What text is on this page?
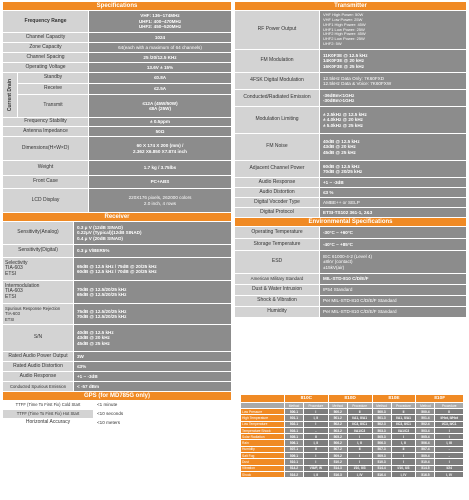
Specifications
Frequency Range
VHF: 136~174MHz
UHF1: 400~470MHz
UHF2: 450~520MHz
Channel Capacity	1024
Zone Capacity	64(each with a maximum of 64 channels)
Channel Spacing	25 /20/12.5 KHz
Operating Voltage	13.6V ± 15%
Current Drain
Standby	≤0.8A
Receive	≤2.5A
Transmit	≤12A (45W/50W)
≤8A (25W)
Frequency Stability	± 0.5ppm
Antenna Impedance	50Ω
Dimensions(H×W×D)	60 X 174 X 200 (mm) /
2.362 X6.850 X7.874 inch
Weight	1.7 kg / 3.75lbs
Front Case	PC+ABS
LCD Display	220X176 pixels, 262000 colors
2.0 inch, 4 rows
Receiver
Sensitivity(Analog)
0.3 μ V (12dB SINAD)
0.22μV (Typical)(12dB SINAD)
0.4 μ V (20dB SINAD)
Sensitivity(Digital)	0.3 μ V/BER5%
Selectivity
TIA-603
ETSI
65dB @ 12.5 kHz / 75dB @ 20/25 kHz
60dB @ 12.5 kHz / 70dB @ 20/25 kHz
Intermodulation
TIA-603
ETSI
70dB @ 12.5/20/25 kHz
65dB @ 12.5/20/25 kHz
Spurious Response Rejection
TIA-603
ETSI
75dB @ 12.5/20/25 kHz
70dB @ 12.5/20/25 kHz
S/N
40dB @ 12.5 kHz
43dB @ 20 kHz
45dB @ 25 kHz
Rated Audio Power Output	3W
Rated Audio Distortion	≤3%
Audio Response	+1 ~ -3dB
Conducted Spurious Emission	< -57 dBm
GPS (for MD785G only)
TTFF (Time To First Fix) Cold Start	<1 minute
TTFF (Time To First Fix) Hot Start	<10 seconds
Horizontal Accuracy	<10 meters
Transmitter
RF Power Output
VHF High Power: 50W
VHF Low Power: 25W
UHF1 High Power: 45W
UHF1 Low Power: 25W
UHF2 High Power: 45W
UHF2 Low Power: 25W
UHF2: 5W
FM Modulation
11K0F3E @ 12.5 kHz
14K0F3E @ 20 kHz
16K0F3E @ 25 kHz
4FSK Digital Modulation	12.5kHz Data Only: 7K60FXD
12.5kHz Data & Voice: 7K60FXW
Conducted/Radiated Emission	-36dBm<1GHz
-30dBm>1GHz
Modulation Limiting
± 2.5kHz @ 12.5 kHz
± 4.0kHz @ 20 kHz
± 5.0kHz @ 25 kHz
FM Noise
40dB @ 12.5 kHz
43dB @ 20 kHz
45dB @ 25 kHz
Adjacent Channel Power	60dB @ 12.5 kHz
70dB @ 20/25 kHz
Audio Response	+1 ~ -3dB
Audio Distortion	≤3 %
Digital Vocoder Type	AMBE++ or SELP
Digital Protocol	ETSI-TS102 361-1, 2&3
Environmental Specifications
Operating Temperature	-30°C ~ +60°C
Storage Temperature	-40°C ~ +85°C
ESD
IEC 61000-4-2 (Level 4)
±8kV (contact)
±15kV(air)
American Military Standard	MIL-STD-810 C/D/E/F
Dust & Water Intrusion	IP54 Standard
Shock & Vibration	Per MIL-STD-810 C/D/E/F Standard
Humidity	Per MIL-STD-810 C/D/E/F Standard
	810C		810D		810E		810F	
	Method	Procedure	Method	Procedure	Method	Procedure	Method	Procedure
Low Pressure	500.1	I	500.2	II	500.3	II	500.4	II
High Temperature	501.1	I, II	501.2	I/A1, II/A1	501.3	I/A1, II/A1	501.4	I/Hot, II/Hot
Low Temperature	502.1	I	502.2	I/C3, II/C1	502.3	I/C3, II/C1	502.4	I/C3, II/C1
Temperature Shock	503.1	-	503.2	I/A1/C3	503.3	I/A1/C3	503.4	I
Solar Radiation	505.1	II	505.2	I	505.3	I	505.4	I
Rain	506.1	I, II	506.2	I, II	506.3	I, II	506.4	I, III
Humidity	507.1	II	507.2	II	507.3	II	507.4	-
Salt Fog	509.1	I	509.2	I	509.3	I	509.4	-
Dust	510.1	I	510.2	I	510.3	I	510.4	I
Vibration	514.2	VIII/F, W	514.3	I/10, II/3	514.4	I/10, II/3	514.5	I/24
Shock	516.2	I, II	516.3	I, IV	516.4	I, IV	516.5	I, IV
